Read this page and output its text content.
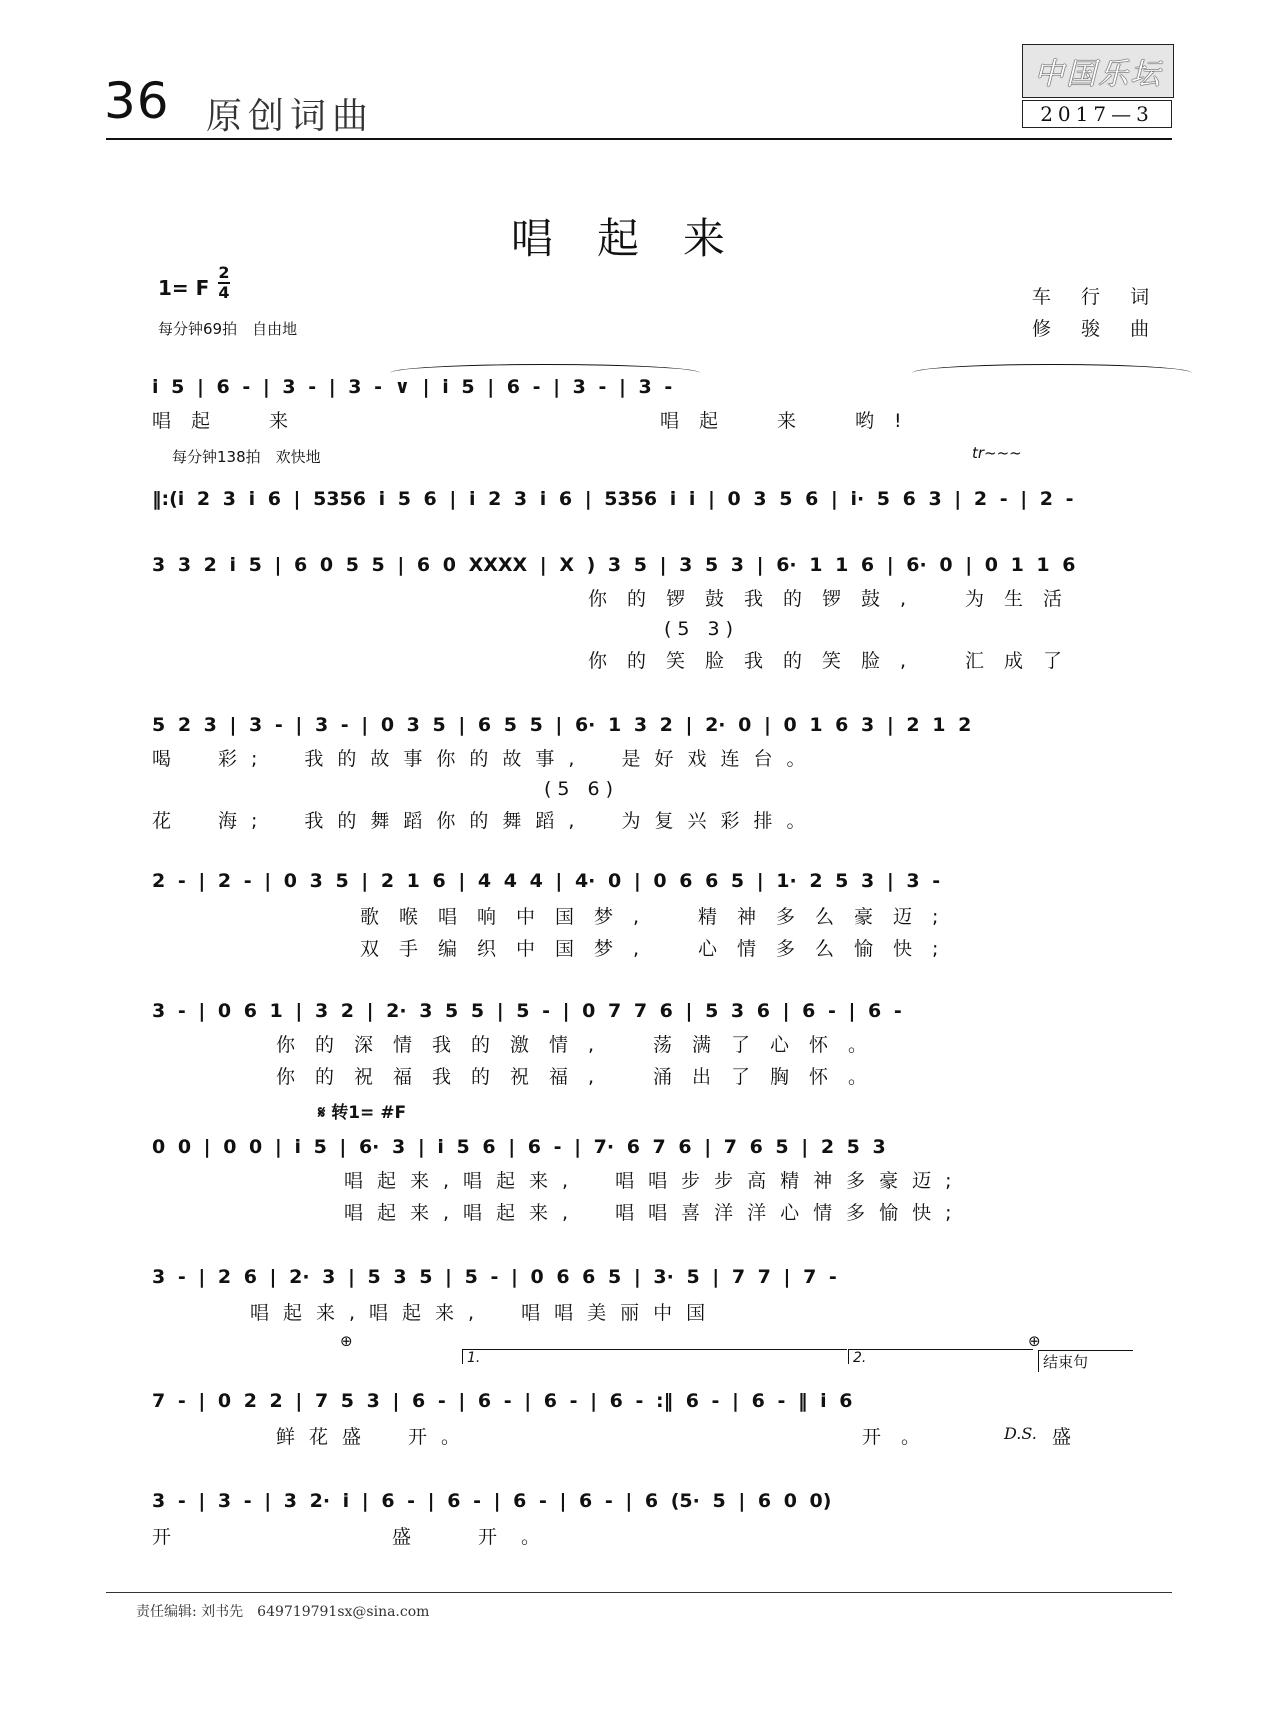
36 原创词曲
中国乐坛
2017—3
唱起来
1= F
2
4	车 行 词
修 骏 曲
每分钟69拍　自由地
i 5 | 6 - | 3 - | 3 - ∨ | i 5 | 6 - | 3 - | 3 -
唱起　来	唱起　来　哟!
每分钟138拍　欢快地	tr~~~
‖:(i 2 3 i 6 | 5356 i 5 6 | i 2 3 i 6 | 5356 i i | 0 3 5 6 | i· 5 6 3 | 2 - | 2 -
3 3 2 i 5 | 6 0 5 5 | 6 0 XXXX | X ) 3 5 | 3 5 3 | 6· 1 1 6 | 6· 0 | 0 1 1 6
你的锣鼓我的锣鼓,　为生活
(5 3)
你的笑脸我的笑脸,　汇成了
5 2 3 | 3 - | 3 - | 0 3 5 | 6 5 5 | 6· 1 3 2 | 2· 0 | 0 1 6 3 | 2 1 2
喝　彩;　我的故事你的故事,　是好戏连台。
(5 6)
花　海;　我的舞蹈你的舞蹈,　为复兴彩排。
2 - | 2 - | 0 3 5 | 2 1 6 | 4 4 4 | 4· 0 | 0 6 6 5 | 1· 2 5 3 | 3 -
歌喉唱响中国梦,　精神多么豪迈;
双手编织中国梦,　心情多么愉快;
3 - | 0 6 1 | 3 2 | 2· 3 5 5 | 5 - | 0 7 7 6 | 5 3 6 | 6 - | 6 -
你的深情我的激情,　荡满了心怀。
你的祝福我的祝福,　涌出了胸怀。
𝄋 转1= #F
0 0 | 0 0 | i 5 | 6· 3 | i 5 6 | 6 - | 7· 6 7 6 | 7 6 5 | 2 5 3
唱起来,唱起来,　唱唱步步高精神多豪迈;
唱起来,唱起来,　唱唱喜洋洋心情多愉快;
3 - | 2 6 | 2· 3 | 5 3 5 | 5 - | 0 6 6 5 | 3· 5 | 7 7 | 7 -
唱起来,唱起来,　唱唱美丽中国
1.	2.	结束句
⊕	⊕
7 - | 0 2 2 | 7 5 3 | 6 - | 6 - | 6 - | 6 - :‖ 6 - | 6 - ‖ i 6
鲜花盛　开。	开。	D.S. 盛
3 - | 3 - | 3 2· i | 6 - | 6 - | 6 - | 6 - | 6 (5· 5 | 6 0 0)
开	盛　开。
责任编辑: 刘书先　649719791sx@sina.com
